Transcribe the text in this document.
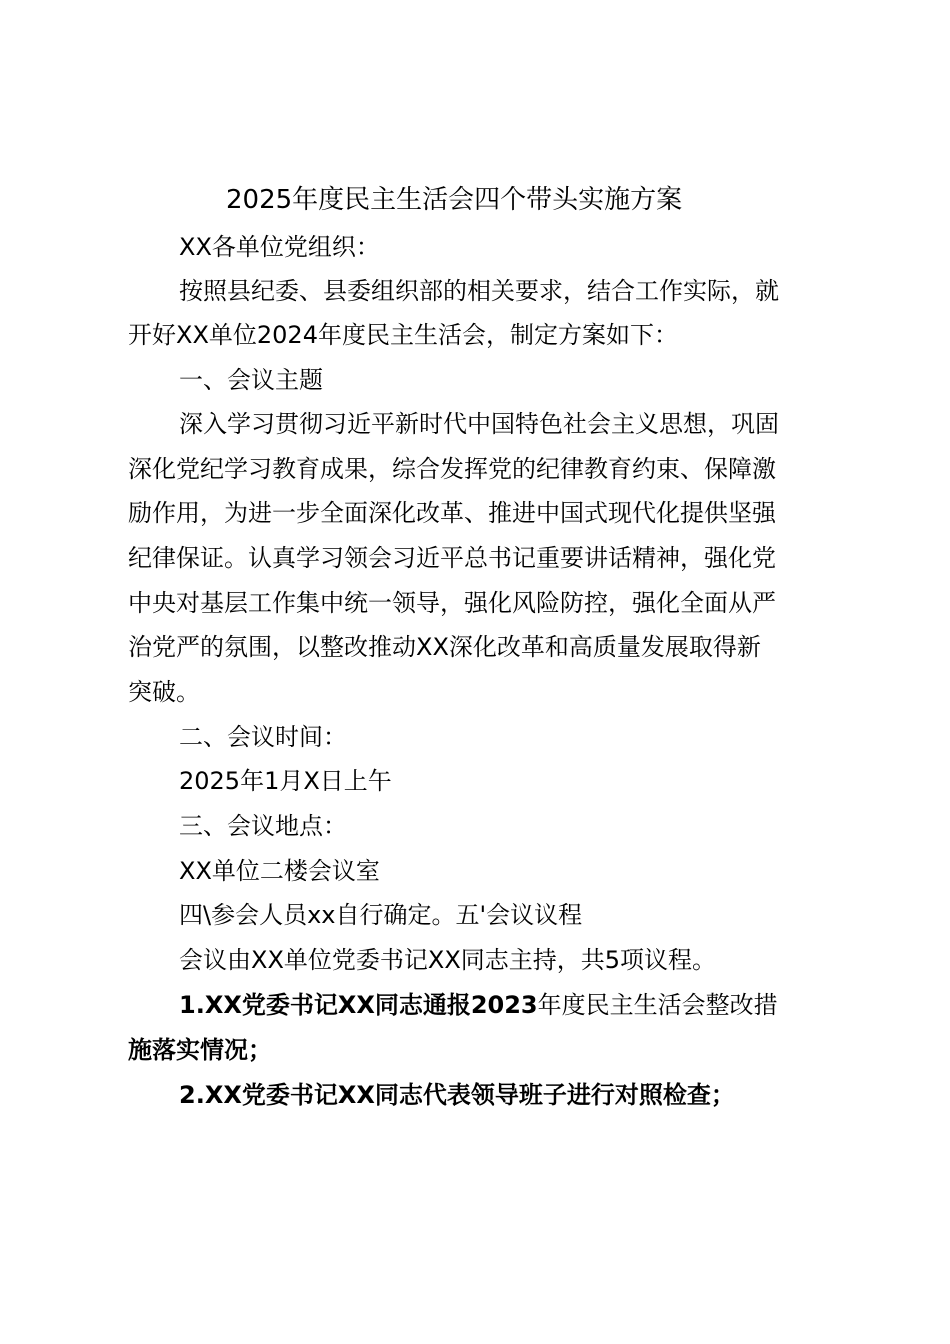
2025年度民主生活会四个带头实施方案
XX各单位党组织：
按照县纪委、县委组织部的相关要求，结合工作实际，就
开好XX单位2024年度民主生活会，制定方案如下：
一、会议主题
深入学习贯彻习近平新时代中国特色社会主义思想，巩固
深化党纪学习教育成果，综合发挥党的纪律教育约束、保障激
励作用，为进一步全面深化改革、推进中国式现代化提供坚强
纪律保证。认真学习领会习近平总书记重要讲话精神，强化党
中央对基层工作集中统一领导，强化风险防控，强化全面从严
治党严的氛围，以整改推动XX深化改革和高质量发展取得新
突破。
二、会议时间：
2025年1月X日上午
三、会议地点：
XX单位二楼会议室
四\参会人员xx自行确定。五'会议议程
会议由XX单位党委书记XX同志主持，共5项议程。
1.XX党委书记XX同志通报2023年度民主生活会整改措
施落实情况；
2.XX党委书记XX同志代表领导班子进行对照检查；
